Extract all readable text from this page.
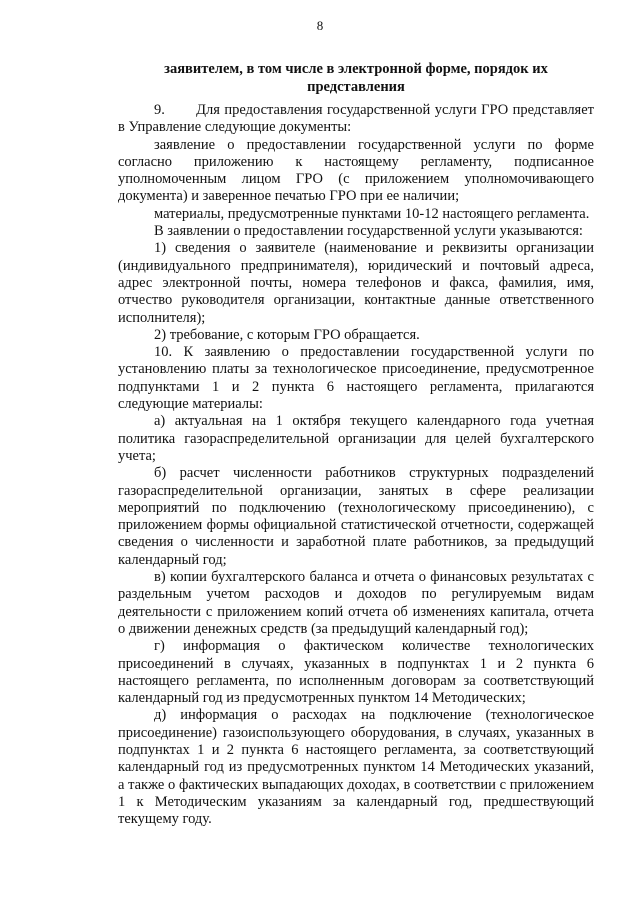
8
заявителем, в том числе в электронной форме, порядок их представления

9.       Для предоставления государственной услуги ГРО представляет в Управление следующие документы:

заявление о предоставлении государственной услуги по форме согласно приложению к настоящему регламенту, подписанное уполномоченным лицом ГРО (с приложением уполномочивающего документа) и заверенное печатью ГРО при ее наличии;

материалы, предусмотренные пунктами 10-12 настоящего регламента.

В заявлении о предоставлении государственной услуги указываются:

1) сведения о заявителе (наименование и реквизиты организации (индивидуального предпринимателя), юридический и почтовый адреса, адрес электронной почты, номера телефонов и факса, фамилия, имя, отчество руководителя организации, контактные данные ответственного исполнителя);

2) требование, с которым ГРО обращается.

10. К заявлению о предоставлении государственной услуги по установлению платы за технологическое присоединение, предусмотренное подпунктами 1 и 2 пункта 6 настоящего регламента, прилагаются следующие материалы:

а) актуальная на 1 октября текущего календарного года учетная политика газораспределительной организации для целей бухгалтерского учета;

б) расчет численности работников структурных подразделений газораспределительной организации, занятых в сфере реализации мероприятий по подключению (технологическому присоединению), с приложением формы официальной статистической отчетности, содержащей сведения о численности и заработной плате работников, за предыдущий календарный год;

в) копии бухгалтерского баланса и отчета о финансовых результатах с раздельным учетом расходов и доходов по регулируемым видам деятельности с приложением копий отчета об изменениях капитала, отчета о движении денежных средств (за предыдущий календарный год);

г) информация о фактическом количестве технологических присоединений в случаях, указанных в подпунктах 1 и 2 пункта 6 настоящего регламента, по исполненным договорам за соответствующий календарный год из предусмотренных пунктом 14 Методических;

д) информация о расходах на подключение (технологическое присоединение) газоиспользующего оборудования, в случаях, указанных в подпунктах 1 и 2 пункта 6 настоящего регламента, за соответствующий календарный год из предусмотренных пунктом 14 Методических указаний, а также о фактических выпадающих доходах, в соответствии с приложением 1 к Методическим указаниям за календарный год, предшествующий текущему году.
